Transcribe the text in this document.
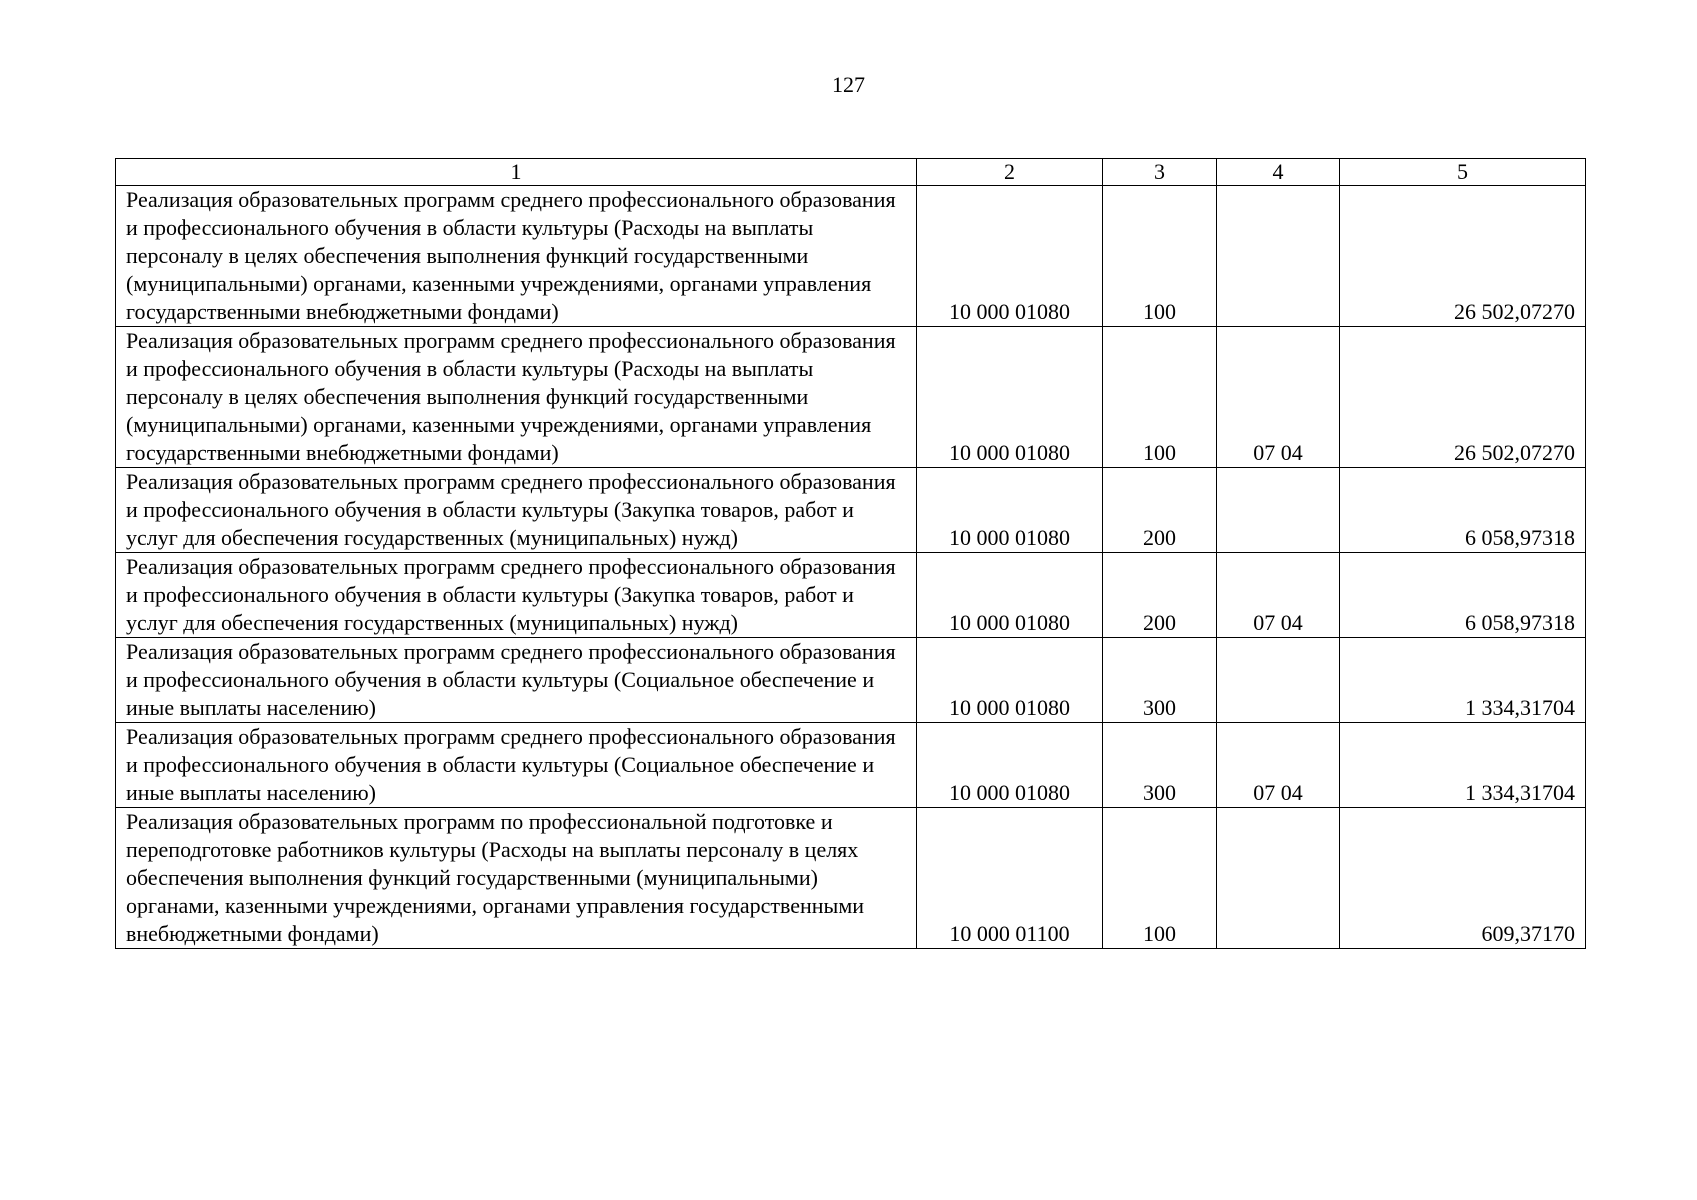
127
1	2	3	4	5
Реализация образовательных программ среднего профессионального образования и профессионального обучения в области культуры (Расходы на выплаты персоналу в целях обеспечения выполнения функций государственными (муниципальными) органами, казенными учреждениями, органами управления государственными внебюджетными фондами)	10 000 01080	100		26 502,07270
Реализация образовательных программ среднего профессионального образования и профессионального обучения в области культуры (Расходы на выплаты персоналу в целях обеспечения выполнения функций государственными (муниципальными) органами, казенными учреждениями, органами управления государственными внебюджетными фондами)	10 000 01080	100	07 04	26 502,07270
Реализация образовательных программ среднего профессионального образования и профессионального обучения в области культуры (Закупка товаров, работ и услуг для обеспечения государственных (муниципальных) нужд)	10 000 01080	200		6 058,97318
Реализация образовательных программ среднего профессионального образования и профессионального обучения в области культуры (Закупка товаров, работ и услуг для обеспечения государственных (муниципальных) нужд)	10 000 01080	200	07 04	6 058,97318
Реализация образовательных программ среднего профессионального образования и профессионального обучения в области культуры (Социальное обеспечение и иные выплаты населению)	10 000 01080	300		1 334,31704
Реализация образовательных программ среднего профессионального образования и профессионального обучения в области культуры (Социальное обеспечение и иные выплаты населению)	10 000 01080	300	07 04	1 334,31704
Реализация образовательных программ по профессиональной подготовке и переподготовке работников культуры (Расходы на выплаты персоналу в целях обеспечения выполнения функций государственными (муниципальными) органами, казенными учреждениями, органами управления государственными внебюджетными фондами)	10 000 01100	100		609,37170
